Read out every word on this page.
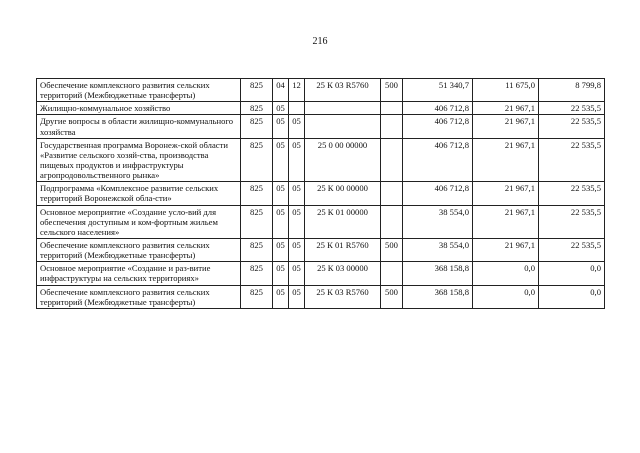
216
Обеспечение комплексного развития сельских территорий (Межбюджетные трансферты)	825	04	12	25 К 03 R5760	500	51 340,7	11 675,0	8 799,8
Жилищно-коммунальное хозяйство	825	05				406 712,8	21 967,1	22 535,5
Другие вопросы в области жилищно-коммунального хозяйства	825	05	05			406 712,8	21 967,1	22 535,5
Государственная программа Воронеж-ской области «Развитие сельского хозяй-ства, производства пищевых продуктов и инфраструктуры агропродовольственного рынка»	825	05	05	25 0 00 00000		406 712,8	21 967,1	22 535,5
Подпрограмма «Комплексное развитие сельских территорий Воронежской обла-сти»	825	05	05	25 К 00 00000		406 712,8	21 967,1	22 535,5
Основное мероприятие «Создание усло-вий для обеспечения доступным и ком-фортным жильем сельского населения»	825	05	05	25 К 01 00000		38 554,0	21 967,1	22 535,5
Обеспечение комплексного развития сельских территорий (Межбюджетные трансферты)	825	05	05	25 К 01 R5760	500	38 554,0	21 967,1	22 535,5
Основное мероприятие «Создание и раз-витие инфраструктуры на сельских территориях»	825	05	05	25 К 03 00000		368 158,8	0,0	0,0
Обеспечение комплексного развития сельских территорий (Межбюджетные трансферты)	825	05	05	25 К 03 R5760	500	368 158,8	0,0	0,0
